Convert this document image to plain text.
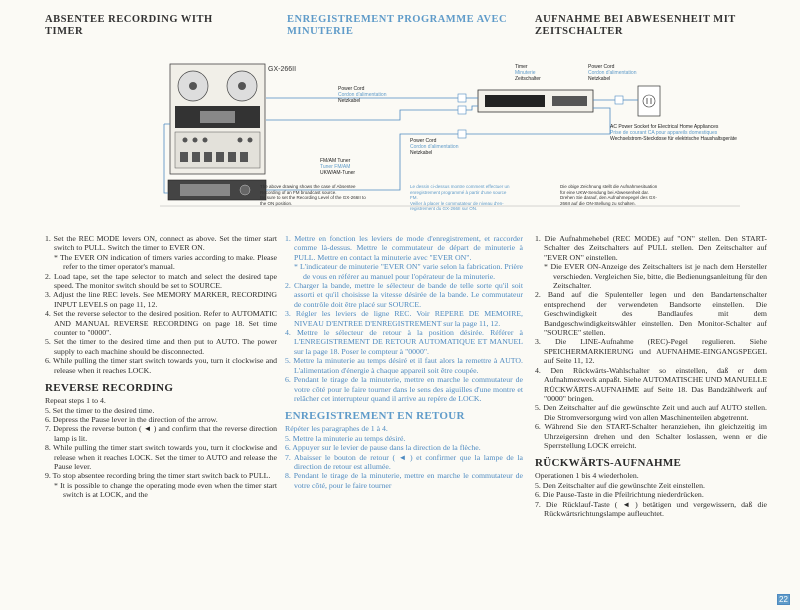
ABSENTEE RECORDING WITH TIMER
ENREGISTREMENT PROGRAMME AVEC MINUTERIE
AUFNAHME BEI ABWESENHEIT MIT ZEITSCHALTER
Timer
Minuterie
Zeitschalter
Power Cord
Cordon d'alimentation
Netzkabel
Power Cord
Cordon d'alimentation
Netzkabel
Power Cord
Cordon d'alimentation
Netzkabel
FM/AM Tuner
Tuner FM/AM
UKW/AM-Tuner
AC Power Socket for Electrical Home Appliances
Prise de courant CA pour appareils domestiques
Wechselstrom-Steckdose für elektrische Haushaltsgeräte
The above drawing shows the case of Absentee
Recording of an FM broadcast source.
Be sure to set the Recording Level of the GX-266II to
the ON position.
Le dessin ci-dessus montre comment effectuer un
enregistrement programmé à partir d'une source
FM.
Veiller à placer le commutateur de niveau d'en-
registrement du GX-266II sur ON.
Die obige Zeichnung stellt die Aufnahmesituation
für eine UKW-Sendung bei Abwesenheit dar.
Drehen Sie darauf, den Aufnahmepegel des GX-
266II auf die ON-Stellung zu schalten.
GX-266II

1. Set the REC MODE levers ON, connect as above. Set the timer start switch to PULL. Switch the timer to EVER ON.

* The EVER ON indication of timers varies according to make. Please refer to the timer operator's manual.

2. Load tape, set the tape selector to match and select the desired tape speed. The monitor switch should be set to SOURCE.

3. Adjust the line REC levels. See MEMORY MARKER, RECORDING INPUT LEVELS on page 11, 12.

4. Set the reverse selector to the desired position. Refer to AUTOMATIC AND MANUAL REVERSE RECORDING on page 18. Set time counter to "0000".

5. Set the timer to the desired time and then put to AUTO. The power supply to each machine should be disconnected.

6. While pulling the timer start switch towards you, turn it clockwise and release when it reaches LOCK.

REVERSE RECORDING

Repeat steps 1 to 4.

5. Set the timer to the desired time.

6. Depress the Pause lever in the direction of the arrow.

7. Depress the reverse button ( ◄ ) and confirm that the reverse direction lamp is lit.

8. While pulling the timer start switch towards you, turn it clockwise and release when it reaches LOCK. Set the timer to AUTO and release the Pause lever.

9. To stop absentee recording bring the timer start switch back to PULL.

* It is possible to change the operating mode even when the timer start switch is at LOCK, and the

1. Mettre en fonction les leviers de mode d'enregistrement, et raccorder comme là-dessus. Mettre le commutateur de départ de minuterie à PULL. Mettre en contact la minuterie avec "EVER ON".

* L'indicateur de minuterie "EVER ON" varie selon la fabrication. Prière de vous en référer au manuel pour l'opérateur de la minuterie.

2. Charger la bande, mettre le sélecteur de bande de telle sorte qu'il soit assorti et qu'il choisisse la vitesse désirée de la bande. Le commutateur de contrôle doit être placé sur SOURCE.

3. Régler les leviers de ligne REC. Voir REPERE DE MEMOIRE, NIVEAU D'ENTREE D'ENREGISTREMENT sur la page 11, 12.

4. Mettre le sélecteur de retour à la position désirée. Référer à L'ENREGISTREMENT DE RETOUR AUTOMATIQUE ET MANUEL sur la page 18. Poser le compteur à "0000".

5. Mettre la minuterie au temps désiré et il faut alors la remettre à AUTO. L'alimentation d'énergie à chaque appareil soit être coupée.

6. Pendant le tirage de la minuterie, mettre en marche le commutateur de votre côté pour le faire tourner dans le sens des aiguilles d'une montre et relâcher cet interrupteur quand il arrive au repère de LOCK.

ENREGISTREMENT EN RETOUR

Répéter les paragraphes de 1 à 4.

5. Mettre la minuterie au temps désiré.

6. Appuyer sur le levier de pause dans la direction de la flèche.

7. Abaisser le bouton de retour ( ◄ ) et confirmer que la lampe de la direction de retour est allumée.

8. Pendant le tirage de la minuterie, mettre en marche le commutateur de votre côté, pour le faire tourner

1. Die Aufnahmehebel (REC MODE) auf "ON" stellen. Den START-Schalter des Zeitschalters auf PULL stellen. Den Zeitschalter auf "EVER ON" einstellen.

* Die EVER ON-Anzeige des Zeitschalters ist je nach dem Hersteller verschieden. Vergleichen Sie, bitte, die Bedienungsanleitung für den Zeitschalter.

2. Band auf die Spulenteller legen und den Bandartenschalter entsprechend der verwendeten Bandsorte einstellen. Die Geschwindigkeit des Bandlaufes mit dem Bandgeschwindigkeitswähler einstellen. Den Monitor-Schalter auf "SOURCE" stellen.

3. Die LINE-Aufnahme (REC)-Pegel regulieren. Siehe SPEICHERMARKIERUNG und AUFNAHME-EINGANGSPEGEL auf Seite 11, 12.

4. Den Rückwärts-Wahlschalter so einstellen, daß er dem Aufnahmezweck anpaßt. Siehe AUTOMATISCHE UND MANUELLE RÜCKWÄRTS-AUFNAHME auf Seite 18. Das Bandzählwerk auf "0000" bringen.

5. Den Zeitschalter auf die gewünschte Zeit und auch auf AUTO stellen. Die Stromversorgung wird von allen Maschinenteilen abgetrennt.

6. Während Sie den START-Schalter heranziehen, ihn gleichzeitig im Uhrzeigersinn drehen und den Schalter loslassen, wenn er die Sperrstellung LOCK erreicht.

RÜCKWÄRTS-AUFNAHME

Operationen 1 bis 4 wiederholen.

5. Den Zeitschalter auf die gewünschte Zeit einstellen.

6. Die Pause-Taste in die Pfeilrichtung niederdrücken.

7. Die Rücklauf-Taste ( ◄ ) betätigen und vergewissern, daß die Rückwärtsrichtungslampe aufleuchtet.

22
